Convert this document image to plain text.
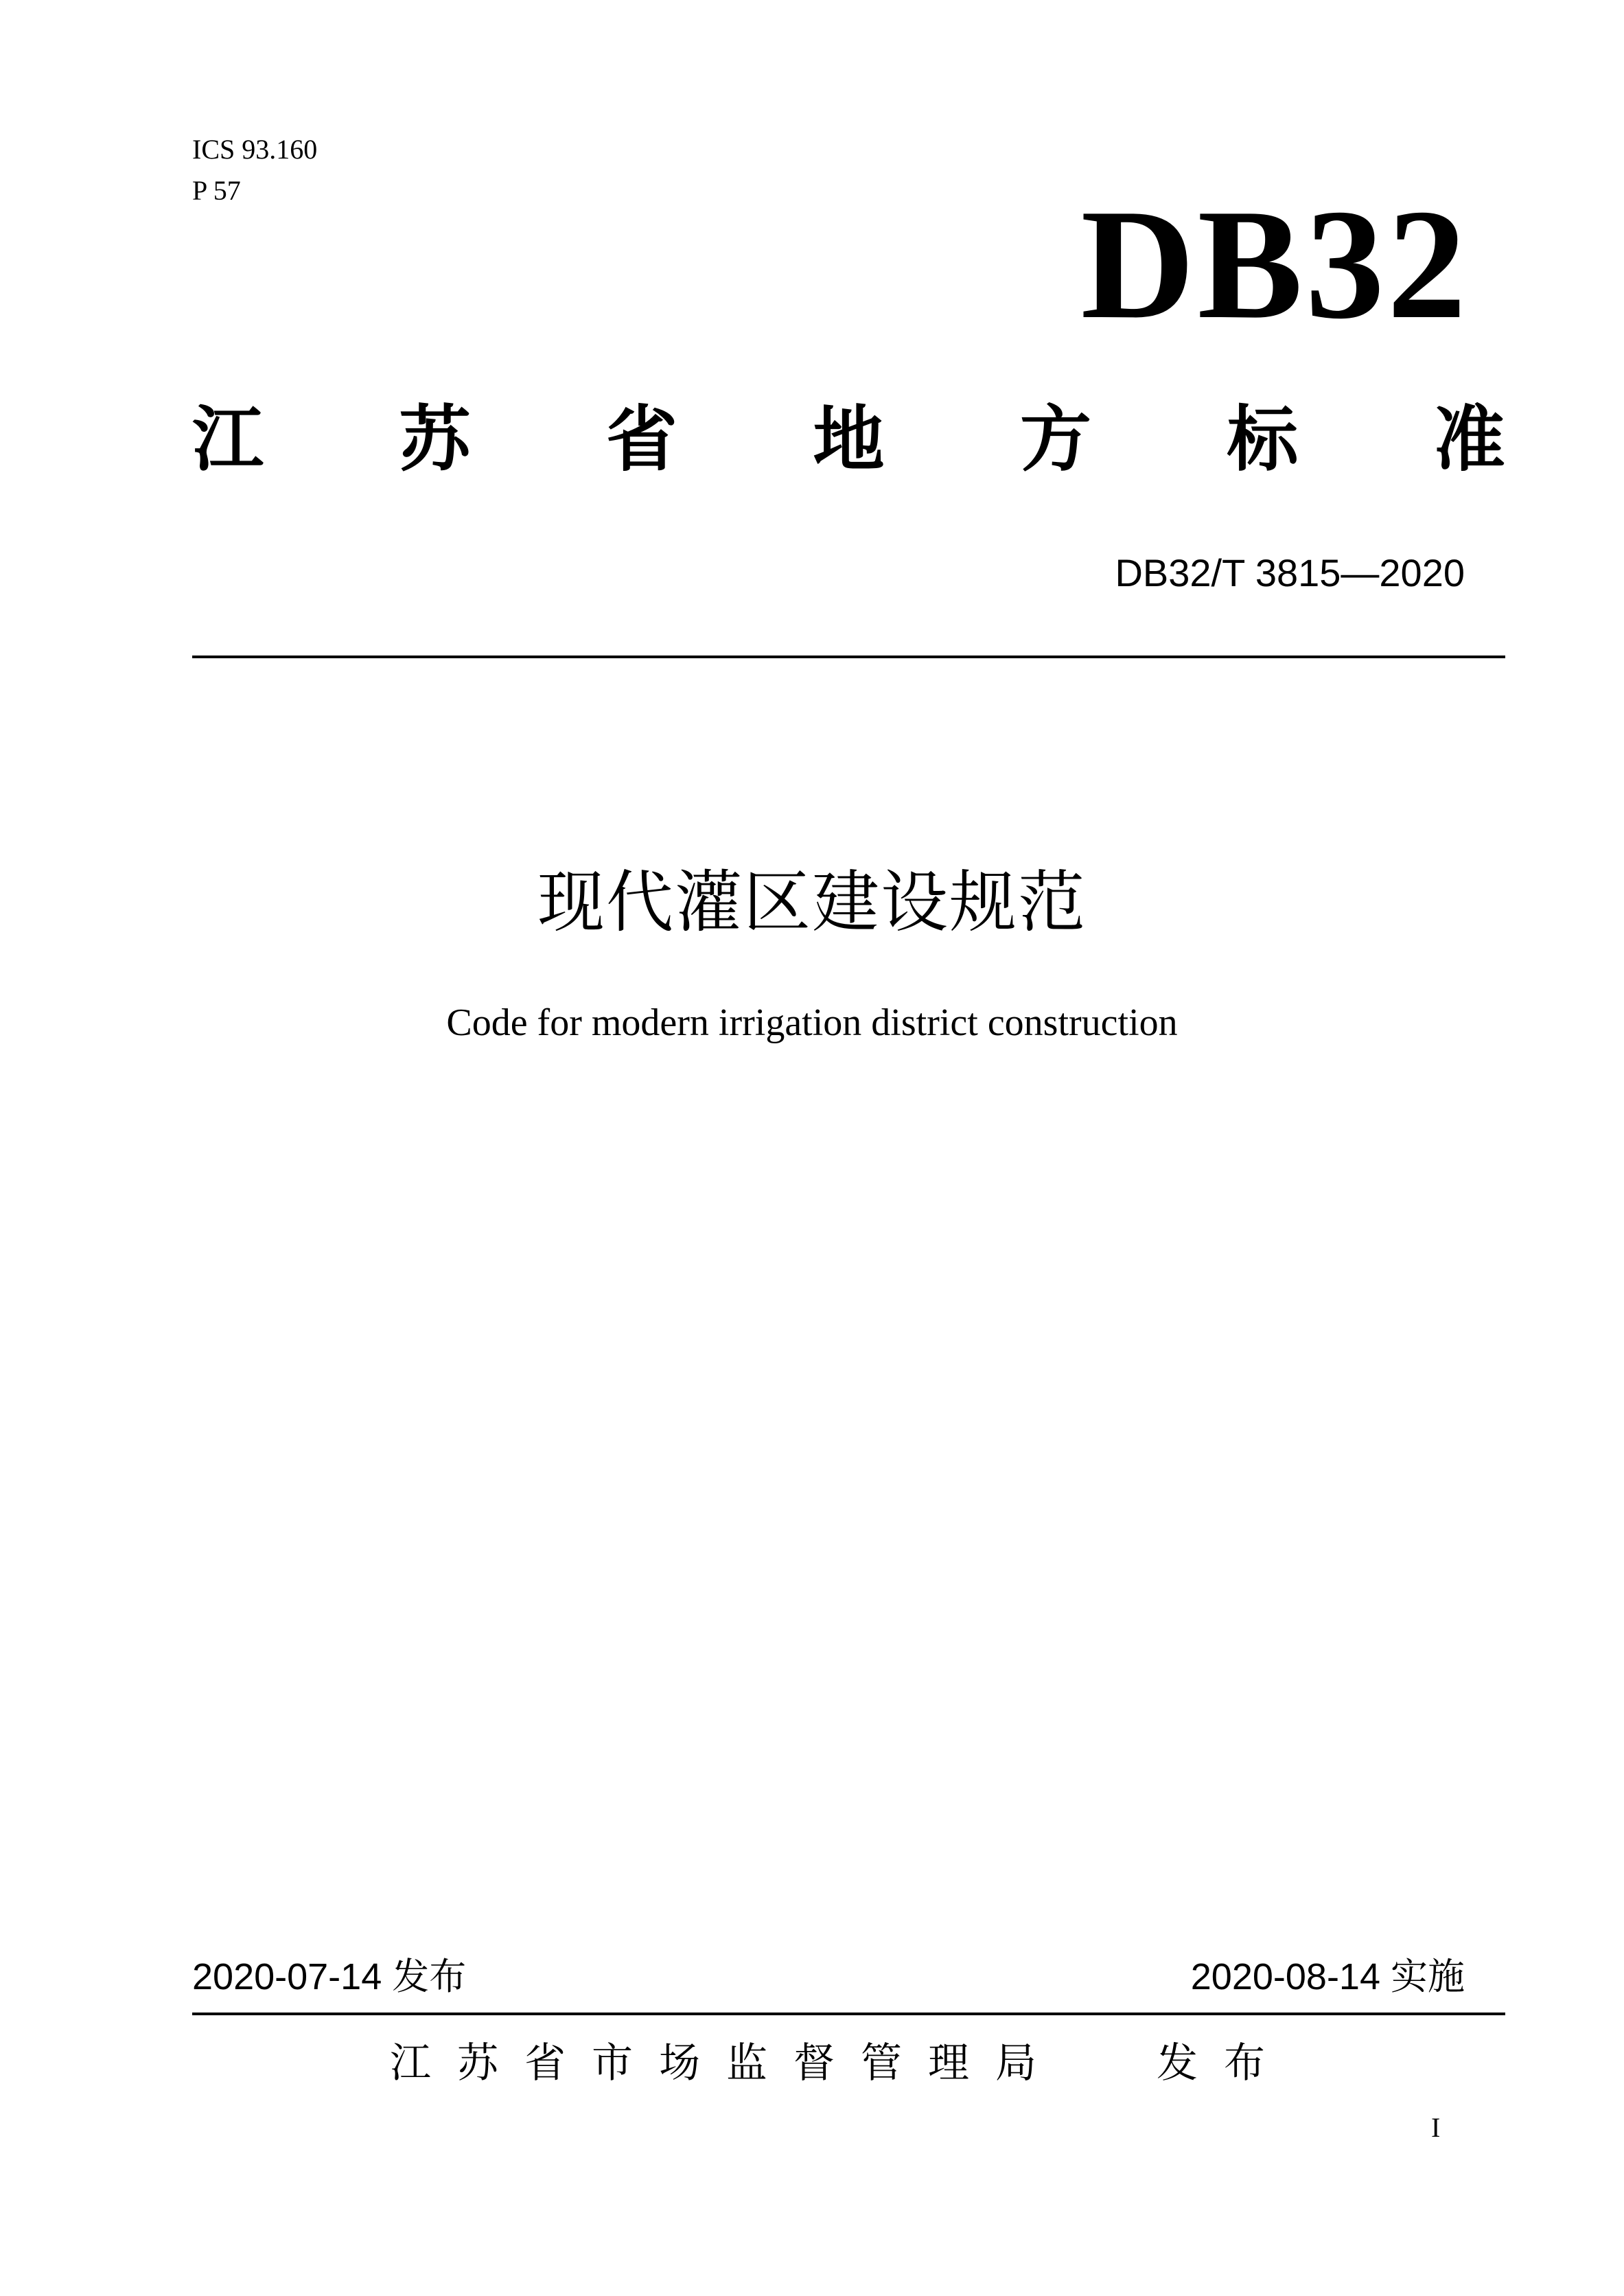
ICS 93.160
P 57	DB32
江 苏 省 地 方 标 准
DB32/T 3815—2020
现代灌区建设规范
Code for modern irrigation district construction
2020-07-14 发布	2020-08-14 实施
江苏省市场监督管理局 发布
I
